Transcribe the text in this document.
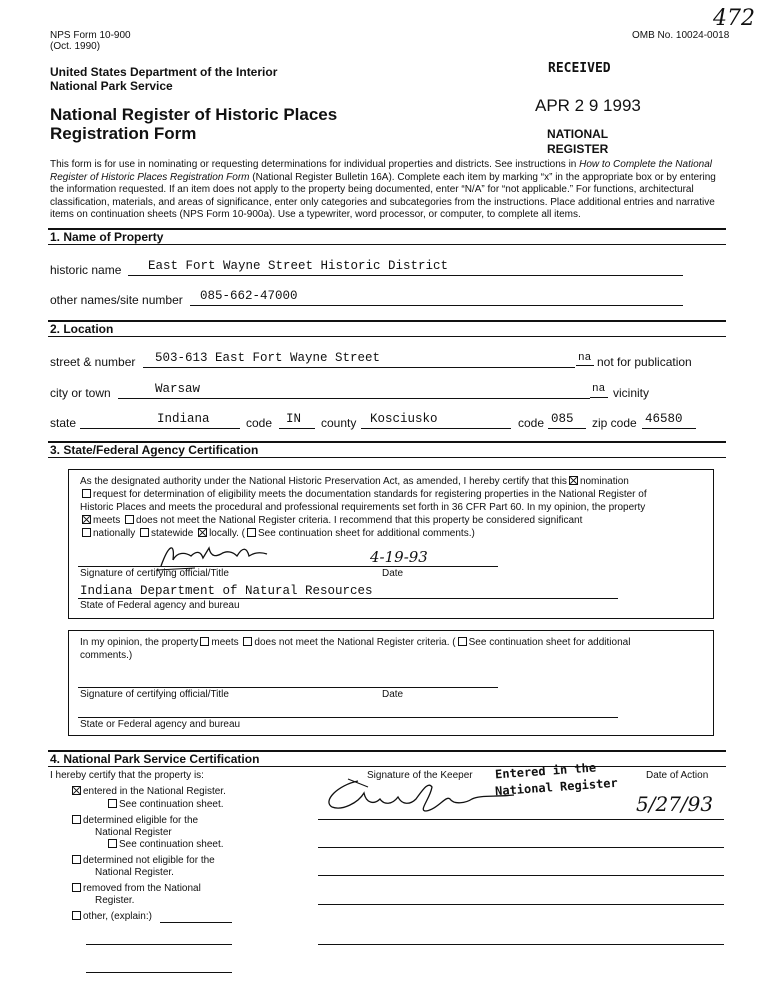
NPS Form 10-900
(Oct. 1990)
OMB No. 10024-0018
472
United States Department of the Interior
National Park Service
National Register of Historic Places
Registration Form
RECEIVED
APR 2 9 1993
NATIONAL
REGISTER
This form is for use in nominating or requesting determinations for individual properties and districts. See instructions in How to Complete the National Register of Historic Places Registration Form (National Register Bulletin 16A). Complete each item by marking “x” in the appropriate box or by entering the information requested. If an item does not apply to the property being documented, enter “N/A” for “not applicable.” For functions, architectural classification, materials, and areas of significance, enter only categories and subcategories from the instructions. Place additional entries and narrative items on continuation sheets (NPS Form 10-900a). Use a typewriter, word processor, or computer, to complete all items.
1. Name of Property
historic name East Fort Wayne Street Historic District
other names/site number 085-662-47000
2. Location
street & number 503-613 East Fort Wayne Street	na not for publication
city or town	Warsaw	na vicinity
state	Indiana	code IN county Kosciusko	code 085 zip code 46580
3. State/Federal Agency Certification
As the designated authority under the National Historic Preservation Act, as amended, I hereby certify that this nomination
request for determination of eligibility meets the documentation standards for registering properties in the National Register of
Historic Places and meets the procedural and professional requirements set forth in 36 CFR Part 60. In my opinion, the property
meets does not meet the National Register criteria. I recommend that this property be considered significant
nationally statewide locally. ( See continuation sheet for additional comments.)
4-19-93
Signature of certifying official/Title	Date
Indiana Department of Natural Resources
State of Federal agency and bureau
In my opinion, the property meets does not meet the National Register criteria. ( See continuation sheet for additional
comments.)
Signature of certifying official/Title	Date
State or Federal agency and bureau
4. National Park Service Certification
I hereby certify that the property is:
entered in the National Register.
See continuation sheet.
determined eligible for the
National Register
See continuation sheet.
determined not eligible for the
National Register.
removed from the National
Register.
other, (explain:)
Signature of the Keeper	Date of Action
Entered in the
National Register
5/27/93
